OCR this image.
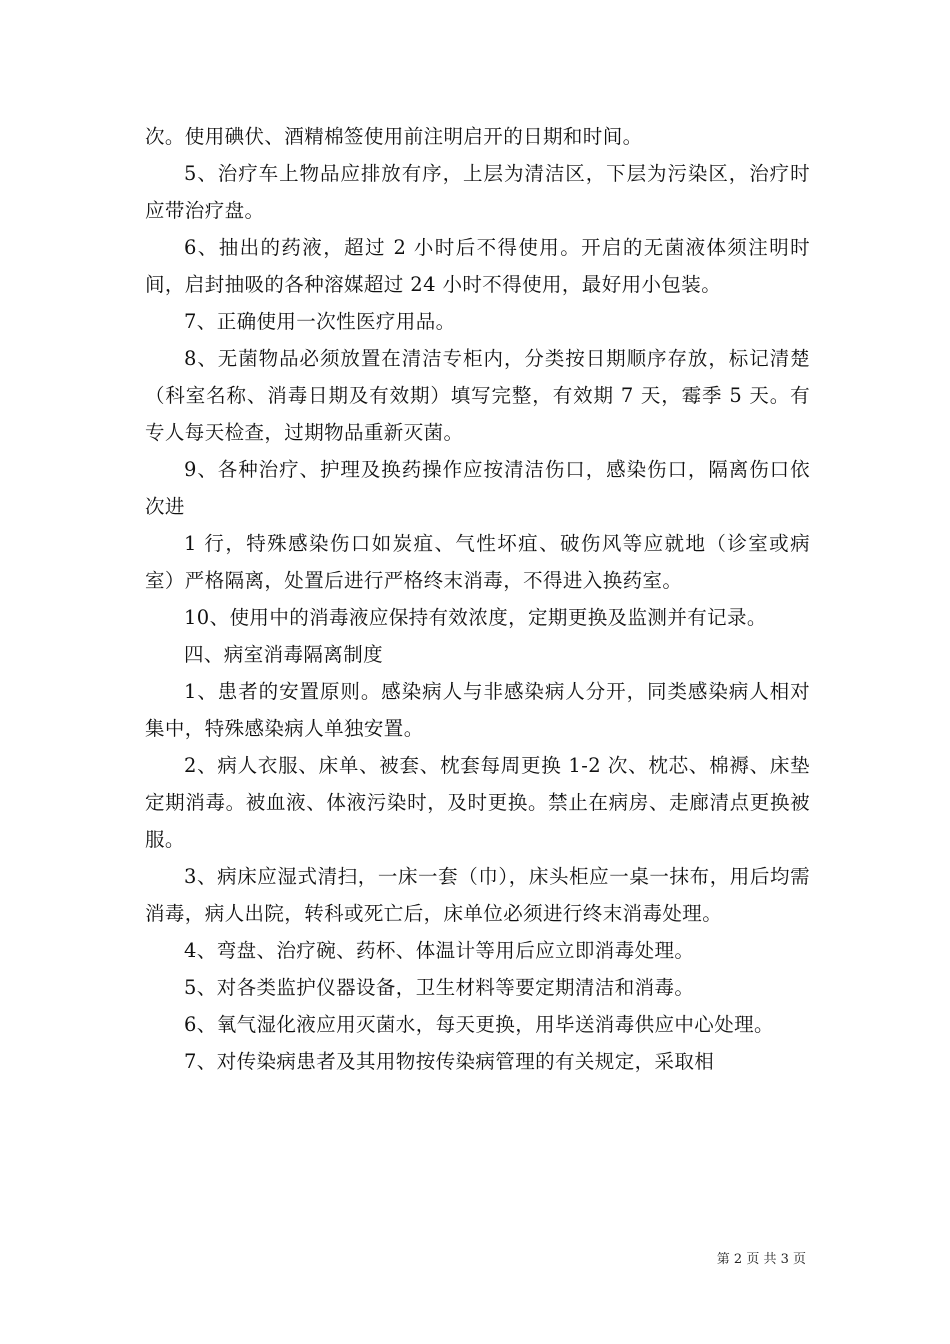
次。使用碘伏、酒精棉签使用前注明启开的日期和时间。

5、治疗车上物品应排放有序，上层为清洁区，下层为污染区，治疗时应带治疗盘。

6、抽出的药液，超过 2 小时后不得使用。开启的无菌液体须注明时间，启封抽吸的各种溶媒超过 24 小时不得使用，最好用小包装。

7、正确使用一次性医疗用品。

8、无菌物品必须放置在清洁专柜内，分类按日期顺序存放，标记清楚（科室名称、消毒日期及有效期）填写完整，有效期 7 天，霉季 5 天。有专人每天检查，过期物品重新灭菌。

9、各种治疗、护理及换药操作应按清洁伤口，感染伤口，隔离伤口依次进

1 行，特殊感染伤口如炭疽、气性坏疽、破伤风等应就地（诊室或病室）严格隔离，处置后进行严格终末消毒，不得进入换药室。

10、使用中的消毒液应保持有效浓度，定期更换及监测并有记录。

四、病室消毒隔离制度

1、患者的安置原则。感染病人与非感染病人分开，同类感染病人相对集中，特殊感染病人单独安置。

2、病人衣服、床单、被套、枕套每周更换 1-2 次、枕芯、棉褥、床垫定期消毒。被血液、体液污染时，及时更换。禁止在病房、走廊清点更换被服。

3、病床应湿式清扫，一床一套（巾），床头柜应一桌一抹布，用后均需消毒，病人出院，转科或死亡后，床单位必须进行终末消毒处理。

4、弯盘、治疗碗、药杯、体温计等用后应立即消毒处理。

5、对各类监护仪器设备，卫生材料等要定期清洁和消毒。

6、氧气湿化液应用灭菌水，每天更换，用毕送消毒供应中心处理。

7、对传染病患者及其用物按传染病管理的有关规定，采取相

第 2 页 共 3 页
